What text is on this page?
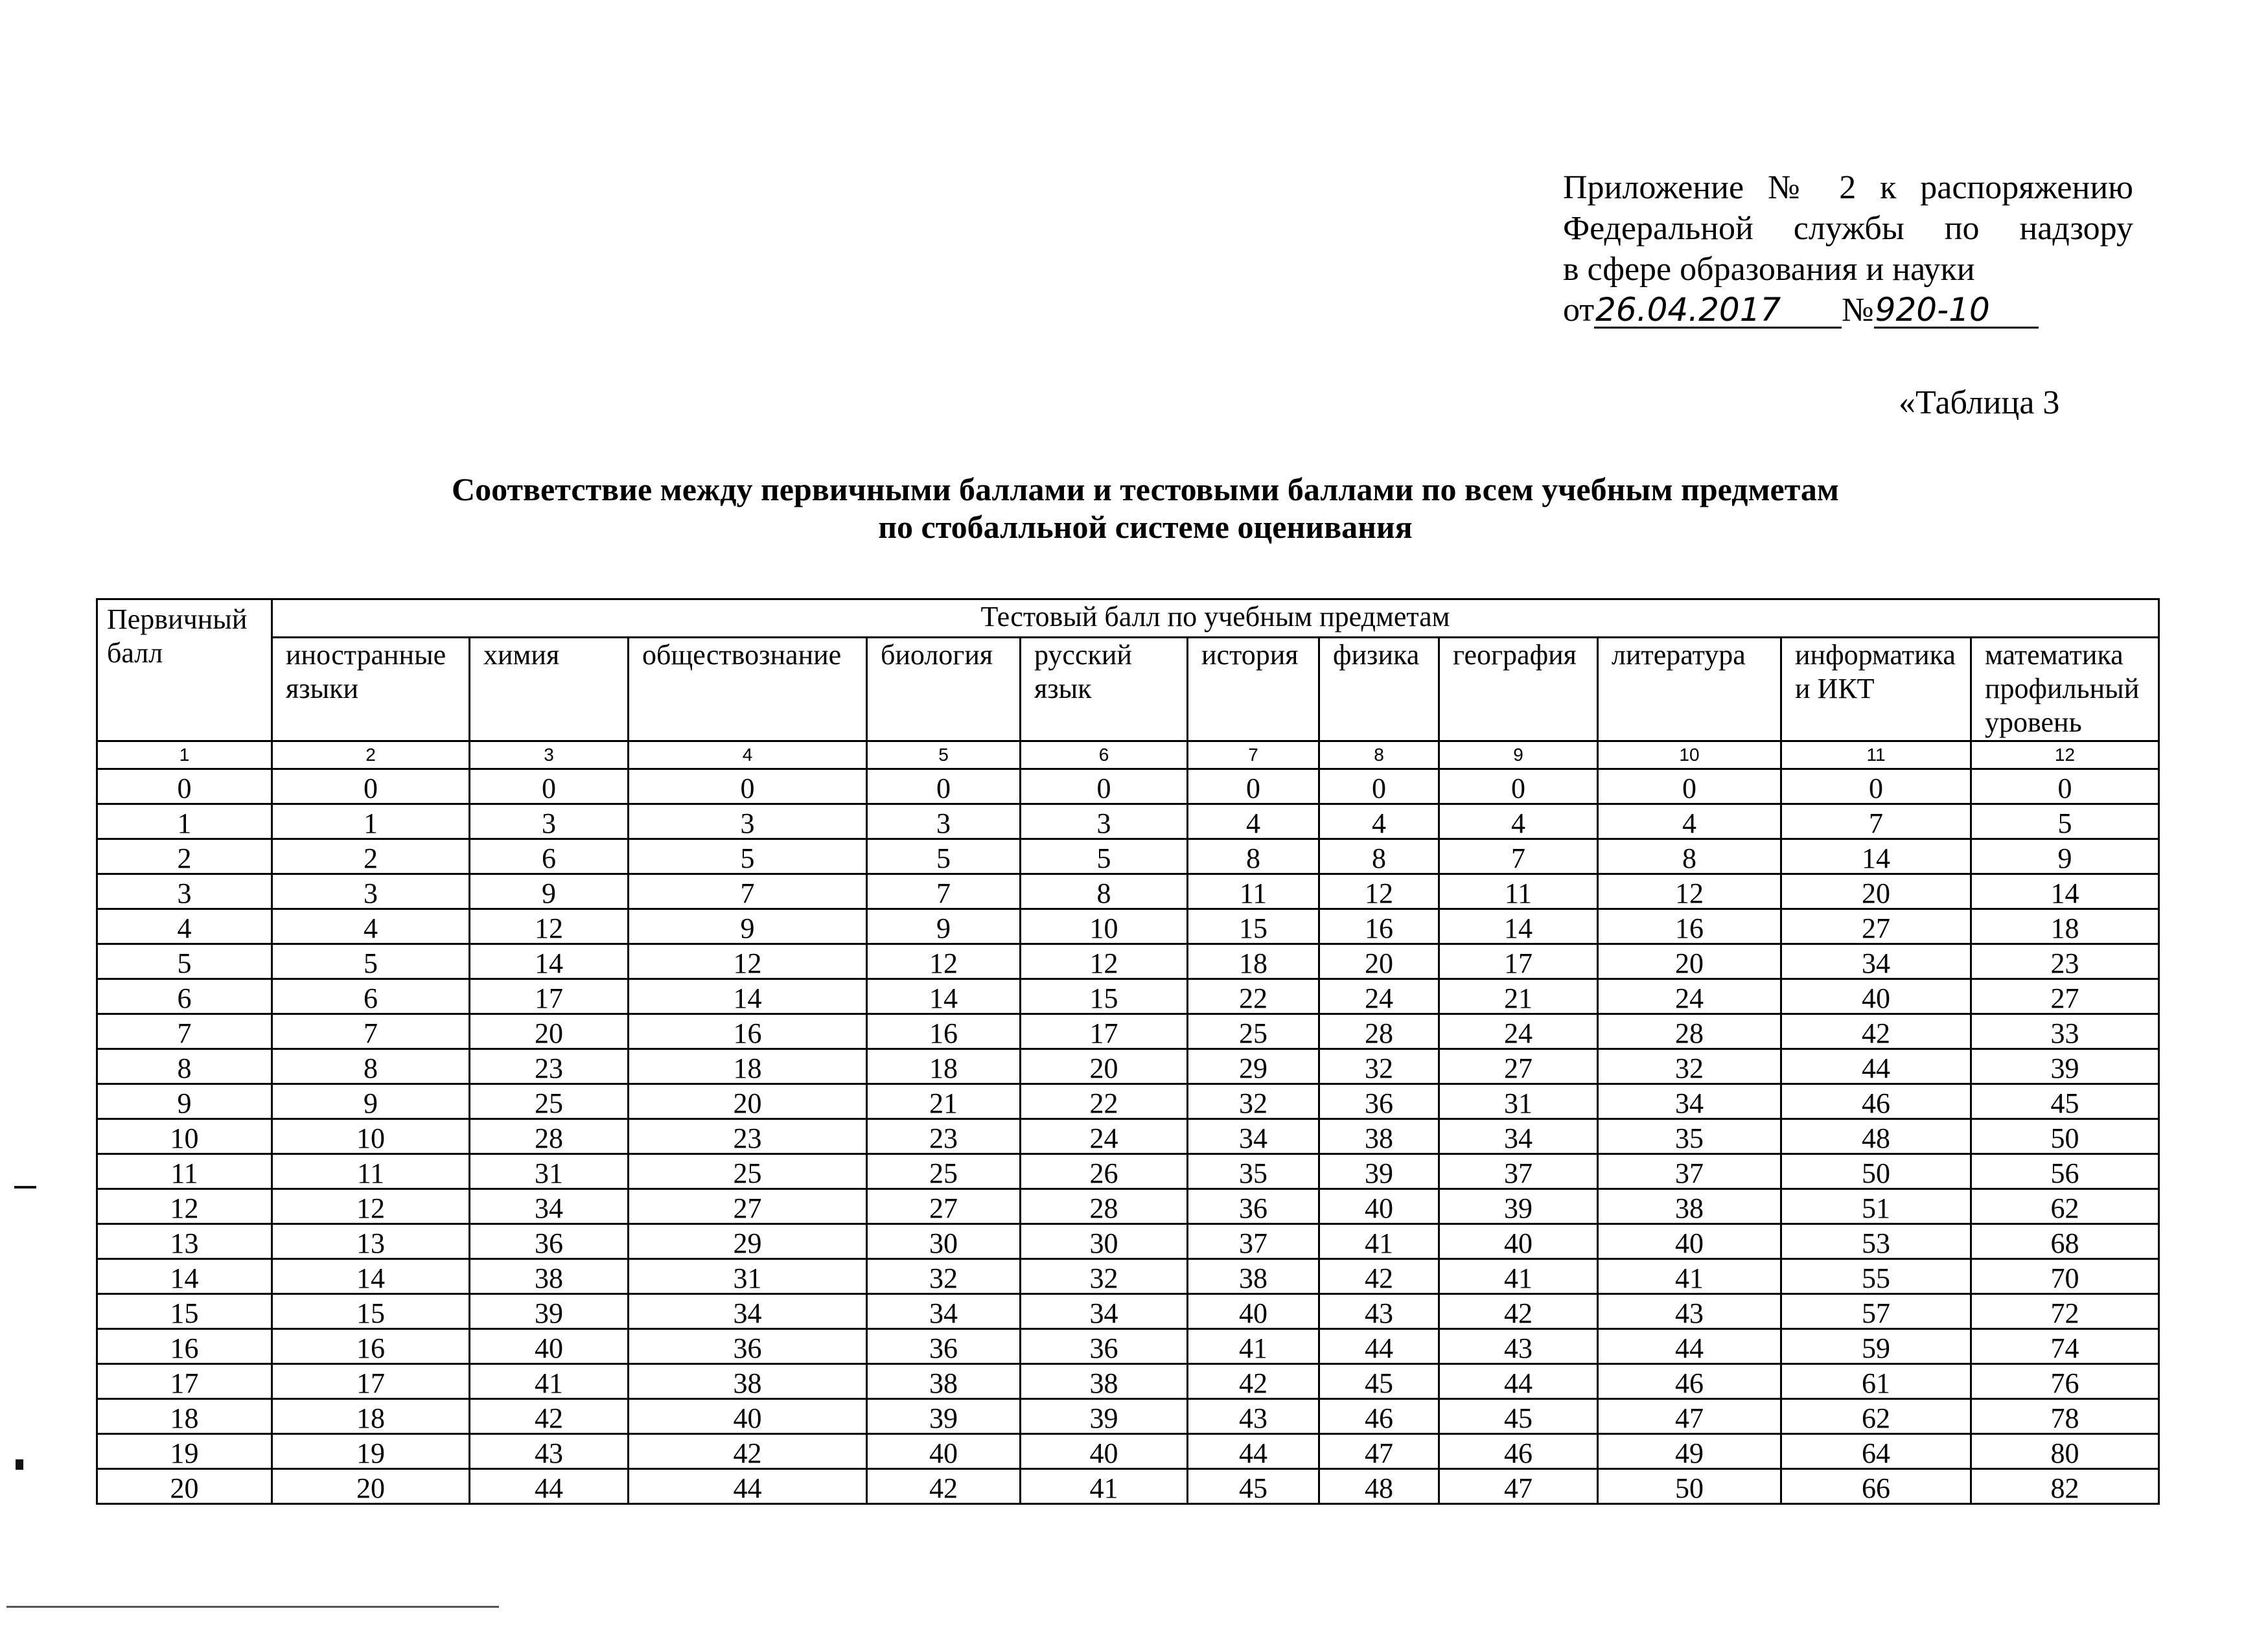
Приложение № 2 к распоряжению
Федеральной службы по надзору
в сфере образования и науки
от26.04.2017 №920-10
«Таблица 3
Соответствие между первичными баллами и тестовыми баллами по всем учебным предметам
по стобалльной системе оценивания
Первичный балл	Тестовый балл по учебным предметам										
	иностранные языки	химия	обществознание	биология	русский язык	история	физика	география	литература	информатика и ИКТ	математика профильный уровень
1	2	3	4	5	6	7	8	9	10	11	12
0	0	0	0	0	0	0	0	0	0	0	0
1	1	3	3	3	3	4	4	4	4	7	5
2	2	6	5	5	5	8	8	7	8	14	9
3	3	9	7	7	8	11	12	11	12	20	14
4	4	12	9	9	10	15	16	14	16	27	18
5	5	14	12	12	12	18	20	17	20	34	23
6	6	17	14	14	15	22	24	21	24	40	27
7	7	20	16	16	17	25	28	24	28	42	33
8	8	23	18	18	20	29	32	27	32	44	39
9	9	25	20	21	22	32	36	31	34	46	45
10	10	28	23	23	24	34	38	34	35	48	50
11	11	31	25	25	26	35	39	37	37	50	56
12	12	34	27	27	28	36	40	39	38	51	62
13	13	36	29	30	30	37	41	40	40	53	68
14	14	38	31	32	32	38	42	41	41	55	70
15	15	39	34	34	34	40	43	42	43	57	72
16	16	40	36	36	36	41	44	43	44	59	74
17	17	41	38	38	38	42	45	44	46	61	76
18	18	42	40	39	39	43	46	45	47	62	78
19	19	43	42	40	40	44	47	46	49	64	80
20	20	44	44	42	41	45	48	47	50	66	82
